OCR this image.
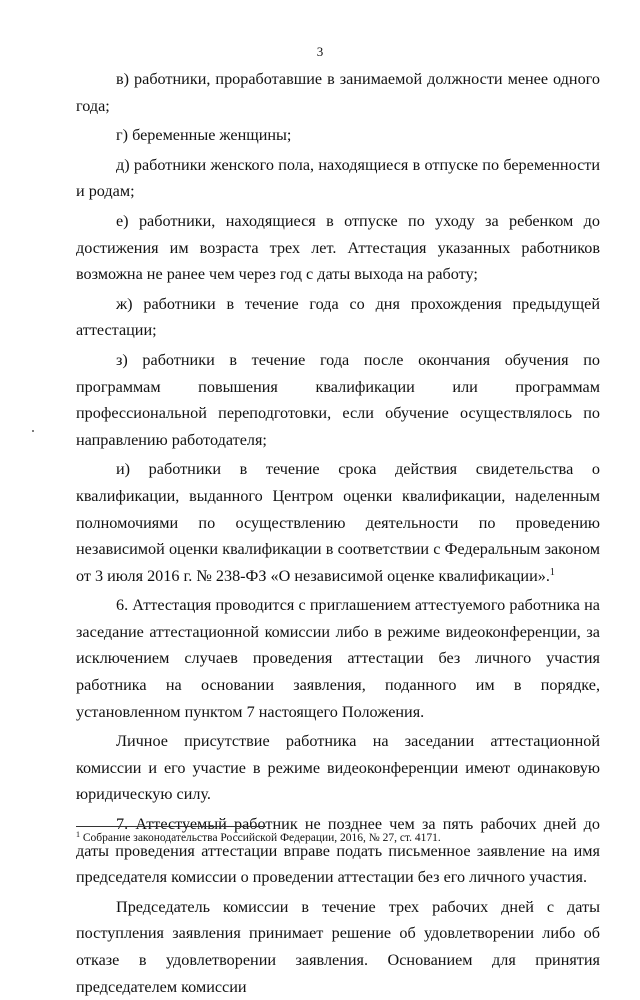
3

в) работники, проработавшие в занимаемой должности менее одного года;

г) беременные женщины;

д) работники женского пола, находящиеся в отпуске по беременности и родам;

е) работники, находящиеся в отпуске по уходу за ребенком до достижения им возраста трех лет. Аттестация указанных работников возможна не ранее чем через год с даты выхода на работу;

ж) работники в течение года со дня прохождения предыдущей аттестации;

з) работники в течение года после окончания обучения по программам повышения квалификации или программам профессиональной переподготовки, если обучение осуществлялось по направлению работодателя;

и) работники в течение срока действия свидетельства о квалификации, выданного Центром оценки квалификации, наделенным полномочиями по осуществлению деятельности по проведению независимой оценки квалификации в соответствии с Федеральным законом от 3 июля 2016 г. № 238-ФЗ «О независимой оценке квалификации».$^1$

6. Аттестация проводится с приглашением аттестуемого работника на заседание аттестационной комиссии либо в режиме видеоконференции, за исключением случаев проведения аттестации без личного участия работника на основании заявления, поданного им в порядке, установленном пунктом 7 настоящего Положения.

Личное присутствие работника на заседании аттестационной комиссии и его участие в режиме видеоконференции имеют одинаковую юридическую силу.

7. Аттестуемый работник не позднее чем за пять рабочих дней до даты проведения аттестации вправе подать письменное заявление на имя председателя комиссии о проведении аттестации без его личного участия.

Председатель комиссии в течение трех рабочих дней с даты поступления заявления принимает решение об удовлетворении либо об отказе в удовлетворении заявления. Основанием для принятия председателем комиссии

$^1$ Собрание законодательства Российской Федерации, 2016, № 27, ст. 4171.
